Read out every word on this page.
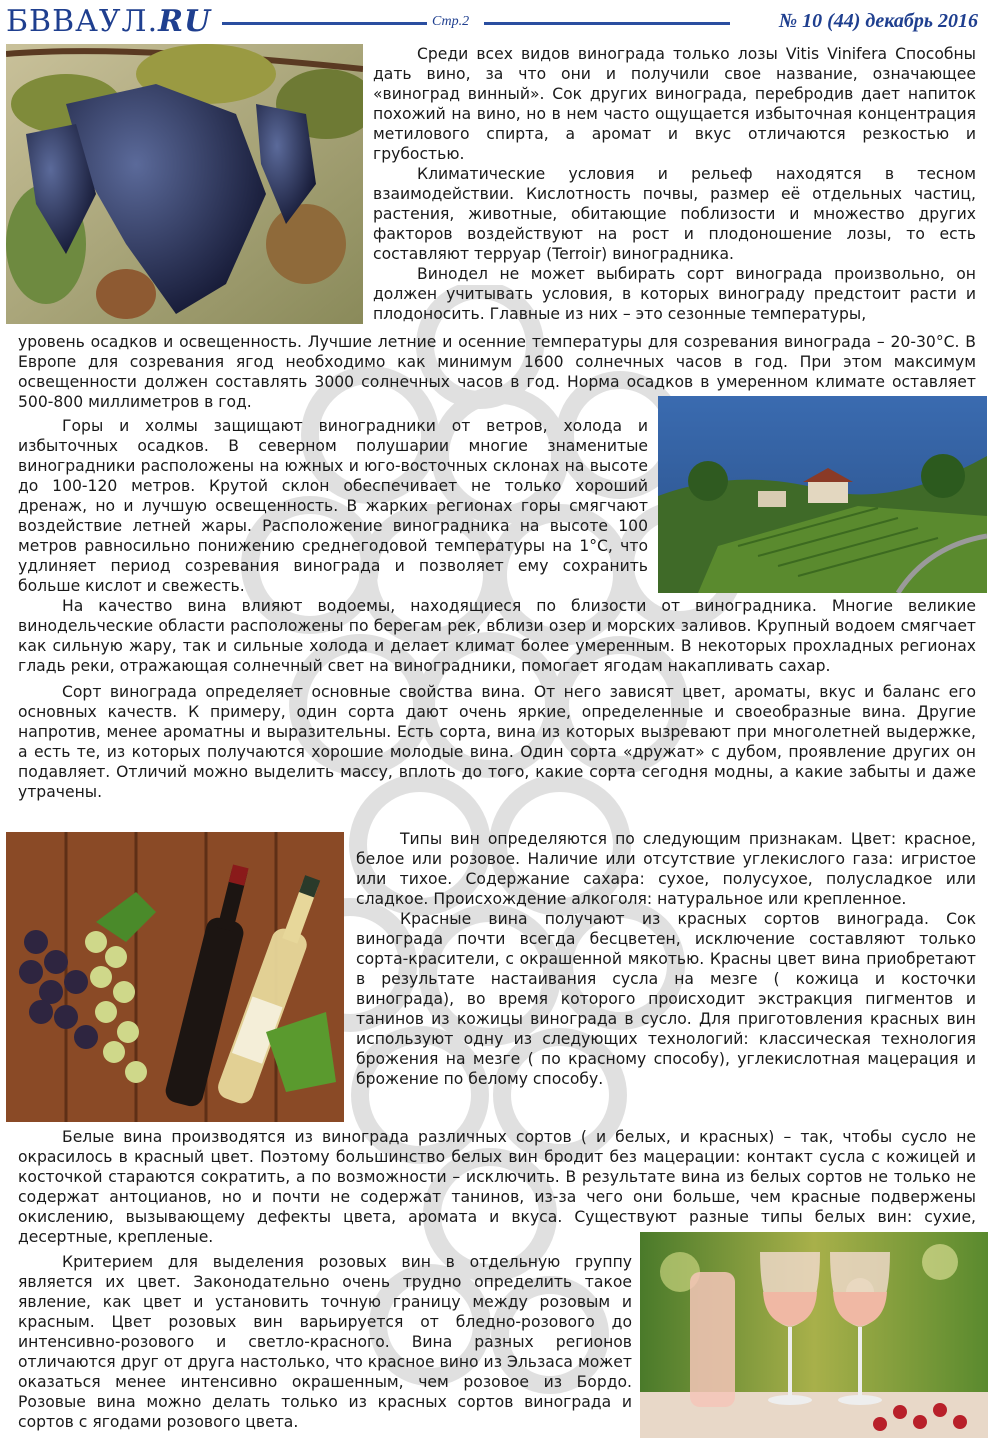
БВВАУЛ.RU	Стр.2	№ 10 (44) декабрь 2016

Среди всех видов винограда только лозы Vitis Vinifera Способны дать вино, за что они и получили свое название, означающее «виноград винный». Сок других винограда, перебродив дает напиток похожий на вино, но в нем часто ощущается избыточная концентрация метилового спирта, а аромат и вкус отличаются резкостью и грубостью.

Климатические условия и рельеф находятся в тесном взаимодействии. Кислотность почвы, размер её отдельных частиц, растения, животные, обитающие поблизости и множество других факторов воздействуют на рост и плодоношение лозы, то есть составляют терруар (Terroir) виноградника.

Винодел не может выбирать сорт винограда произвольно, он должен учитывать условия, в которых винограду предстоит расти и плодоносить. Главные из них – это сезонные температуры,

уровень осадков и освещенность. Лучшие летние и осенние температуры для созревания винограда – 20-30°С. В Европе для созревания ягод необходимо как минимум 1600 солнечных часов в год. При этом максимум освещенности должен составлять 3000 солнечных часов в год. Норма осадков в умеренном климате оставляет 500-800 миллиметров в год.

Горы и холмы защищают виноградники от ветров, холода и избыточных осадков. В северном полушарии многие знаменитые виноградники расположены на южных и юго-восточных склонах на высоте до 100-120 метров. Крутой склон обеспечивает не только хороший дренаж, но и лучшую освещенность. В жарких регионах горы смягчают воздействие летней жары. Расположение виноградника на высоте 100 метров равносильно понижению среднегодовой температуры на 1°С, что удлиняет период созревания винограда и позволяет ему сохранить больше кислот и свежесть.

На качество вина влияют водоемы, находящиеся по близости от виноградника. Многие великие винодельческие области расположены по берегам рек, вблизи озер и морских заливов. Крупный водоем смягчает как сильную жару, так и сильные холода и делает климат более умеренным. В некоторых прохладных регионах гладь реки, отражающая солнечный свет на виноградники, помогает ягодам накапливать сахар.

Сорт винограда определяет основные свойства вина. От него зависят цвет, ароматы, вкус и баланс его основных качеств. К примеру, один сорта дают очень яркие, определенные и своеобразные вина. Другие напротив, менее ароматны и выразительны. Есть сорта, вина из которых вызревают при многолетней выдержке, а есть те, из которых получаются хорошие молодые вина. Один сорта «дружат» с дубом, проявление других он подавляет. Отличий можно выделить массу, вплоть до того, какие сорта сегодня модны, а какие забыты и даже утрачены.

Типы вин определяются по следующим признакам. Цвет: красное, белое или розовое. Наличие или отсутствие углекислого газа: игристое или тихое. Содержание сахара: сухое, полусухое, полусладкое или сладкое. Происхождение алкоголя: натуральное или крепленное.

Красные вина получают из красных сортов винограда. Сок винограда почти всегда бесцветен, исключение составляют только сорта-красители, с окрашенной мякотью. Красны цвет вина приобретают в результате настаивания сусла на мезге ( кожица и косточки винограда), во время которого происходит экстракция пигментов и танинов из кожицы винограда в сусло. Для приготовления красных вин используют одну из следующих технологий: классическая технология брожения на мезге ( по красному способу), углекислотная мацерация и брожение по белому способу.

Белые вина производятся из винограда различных сортов ( и белых, и красных) – так, чтобы сусло не окрасилось в красный цвет. Поэтому большинство белых вин бродит без мацерации: контакт сусла с кожицей и косточкой стараются сократить, а по возможности – исключить. В результате вина из белых сортов не только не содержат антоцианов, но и почти не содержат танинов, из-за чего они больше, чем красные подвержены окислению, вызывающему дефекты цвета, аромата и вкуса. Существуют разные типы белых вин: сухие, десертные, крепленые.

Критерием для выделения розовых вин в отдельную группу является их цвет. Законодательно очень трудно определить такое явление, как цвет и установить точную границу между розовым и красным. Цвет розовых вин варьируется от бледно-розового до интенсивно-розового и светло-красного. Вина разных регионов отличаются друг от друга настолько, что красное вино из Эльзаса может оказаться менее интенсивно окрашенным, чем розовое из Бордо. Розовые вина можно делать только из красных сортов винограда и сортов с ягодами розового цвета.
